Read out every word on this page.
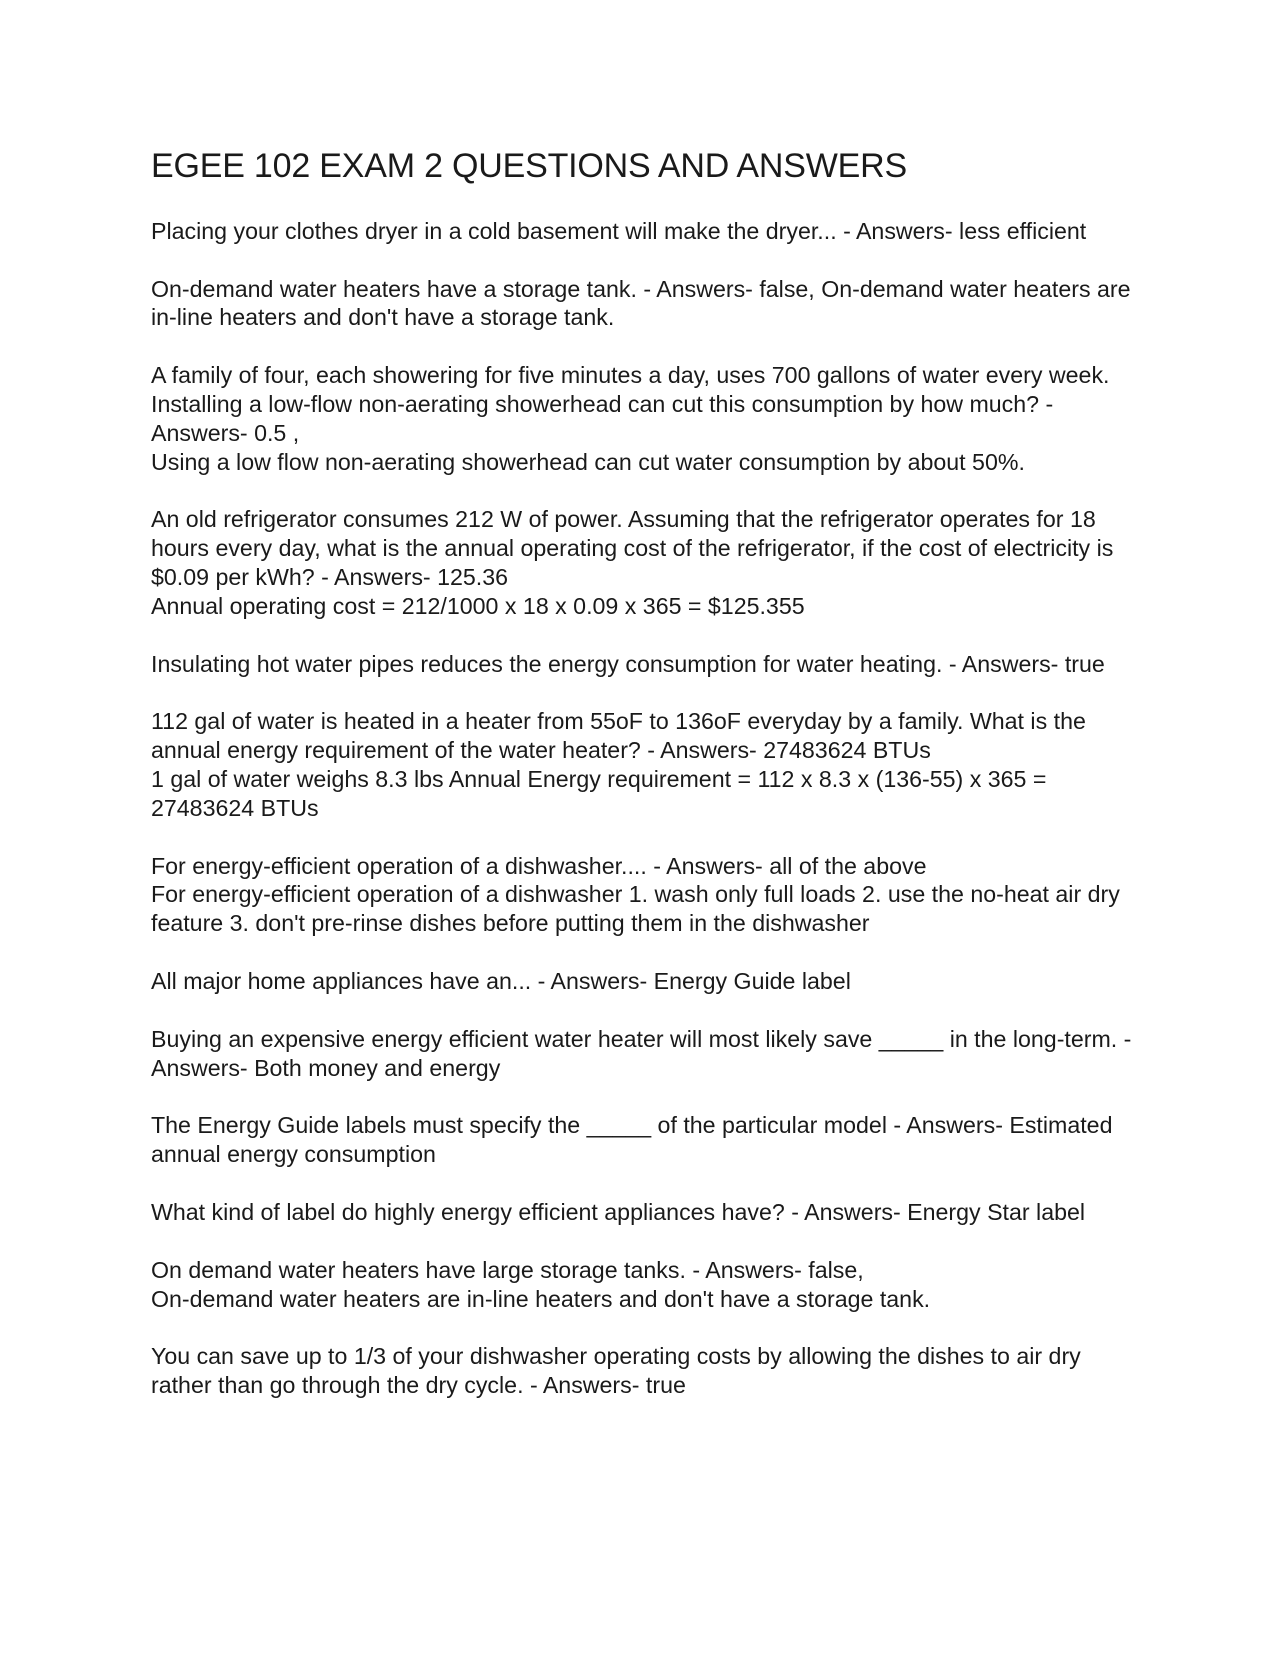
EGEE 102 EXAM 2 QUESTIONS AND ANSWERS

Placing your clothes dryer in a cold basement will make the dryer... - Answers- less efficient

On-demand water heaters have a storage tank. - Answers- false, On-demand water heaters are in-line heaters and don't have a storage tank.

A family of four, each showering for five minutes a day, uses 700 gallons of water every week. Installing a low-flow non-aerating showerhead can cut this consumption by how much? - Answers- 0.5 ,
Using a low flow non-aerating showerhead can cut water consumption by about 50%.

An old refrigerator consumes 212 W of power. Assuming that the refrigerator operates for 18 hours every day, what is the annual operating cost of the refrigerator, if the cost of electricity is $0.09 per kWh? - Answers- 125.36
Annual operating cost = 212/1000 x 18 x 0.09 x 365 = $125.355

Insulating hot water pipes reduces the energy consumption for water heating. - Answers- true

112 gal of water is heated in a heater from 55oF to 136oF everyday by a family. What is the annual energy requirement of the water heater? - Answers- 27483624 BTUs
1 gal of water weighs 8.3 lbs Annual Energy requirement = 112 x 8.3 x (136-55) x 365 = 27483624 BTUs

For energy-efficient operation of a dishwasher.... - Answers- all of the above
For energy-efficient operation of a dishwasher 1. wash only full loads 2. use the no-heat air dry feature 3. don't pre-rinse dishes before putting them in the dishwasher

All major home appliances have an... - Answers- Energy Guide label

Buying an expensive energy efficient water heater will most likely save _____ in the long-term. - Answers- Both money and energy

The Energy Guide labels must specify the _____ of the particular model - Answers- Estimated annual energy consumption

What kind of label do highly energy efficient appliances have? - Answers- Energy Star label

On demand water heaters have large storage tanks. - Answers- false,
On-demand water heaters are in-line heaters and don't have a storage tank.

You can save up to 1/3 of your dishwasher operating costs by allowing the dishes to air dry rather than go through the dry cycle. - Answers- true
